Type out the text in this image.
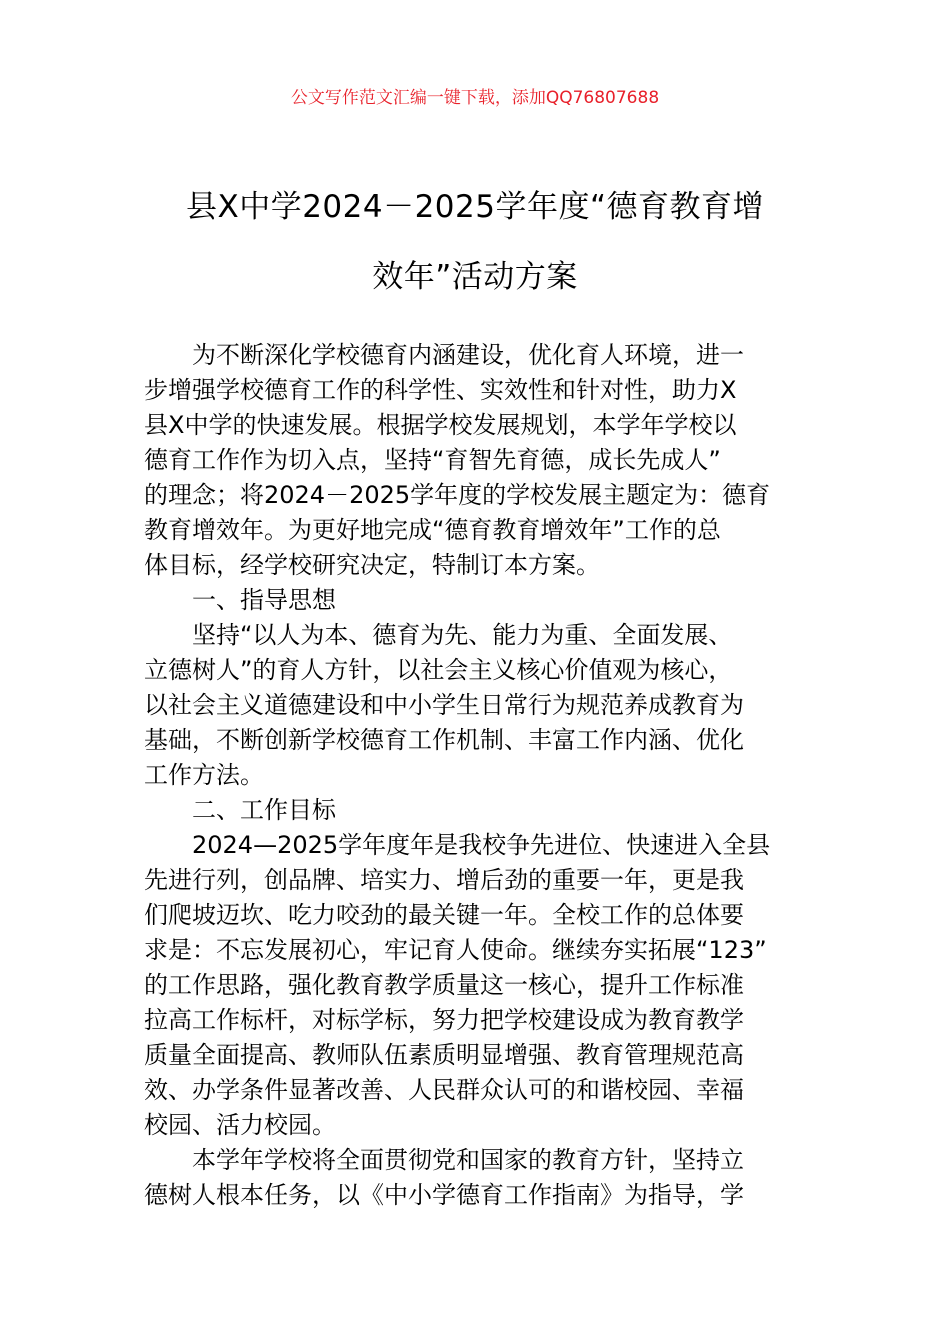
公文写作范文汇编一键下载，添加QQ76807688
县X中学2024－2025学年度“德育教育增
效年”活动方案

为不断深化学校德育内涵建设，优化育人环境，进一
步增强学校德育工作的科学性、实效性和针对性，助力X
县X中学的快速发展。根据学校发展规划，本学年学校以
德育工作作为切入点，坚持“育智先育德，成长先成人”
的理念；将2024－2025学年度的学校发展主题定为：德育
教育增效年。为更好地完成“德育教育增效年”工作的总
体目标，经学校研究决定，特制订本方案。

一、指导思想

坚持“以人为本、德育为先、能力为重、全面发展、
立德树人”的育人方针，以社会主义核心价值观为核心，
以社会主义道德建设和中小学生日常行为规范养成教育为
基础，不断创新学校德育工作机制、丰富工作内涵、优化
工作方法。

二、工作目标

2024—2025学年度年是我校争先进位、快速进入全县
先进行列，创品牌、培实力、增后劲的重要一年，更是我
们爬坡迈坎、吃力咬劲的最关键一年。全校工作的总体要
求是：不忘发展初心，牢记育人使命。继续夯实拓展“123”
的工作思路，强化教育教学质量这一核心，提升工作标准
拉高工作标杆，对标学标，努力把学校建设成为教育教学
质量全面提高、教师队伍素质明显增强、教育管理规范高
效、办学条件显著改善、人民群众认可的和谐校园、幸福
校园、活力校园。

本学年学校将全面贯彻党和国家的教育方针，坚持立
德树人根本任务，以《中小学德育工作指南》为指导，学
